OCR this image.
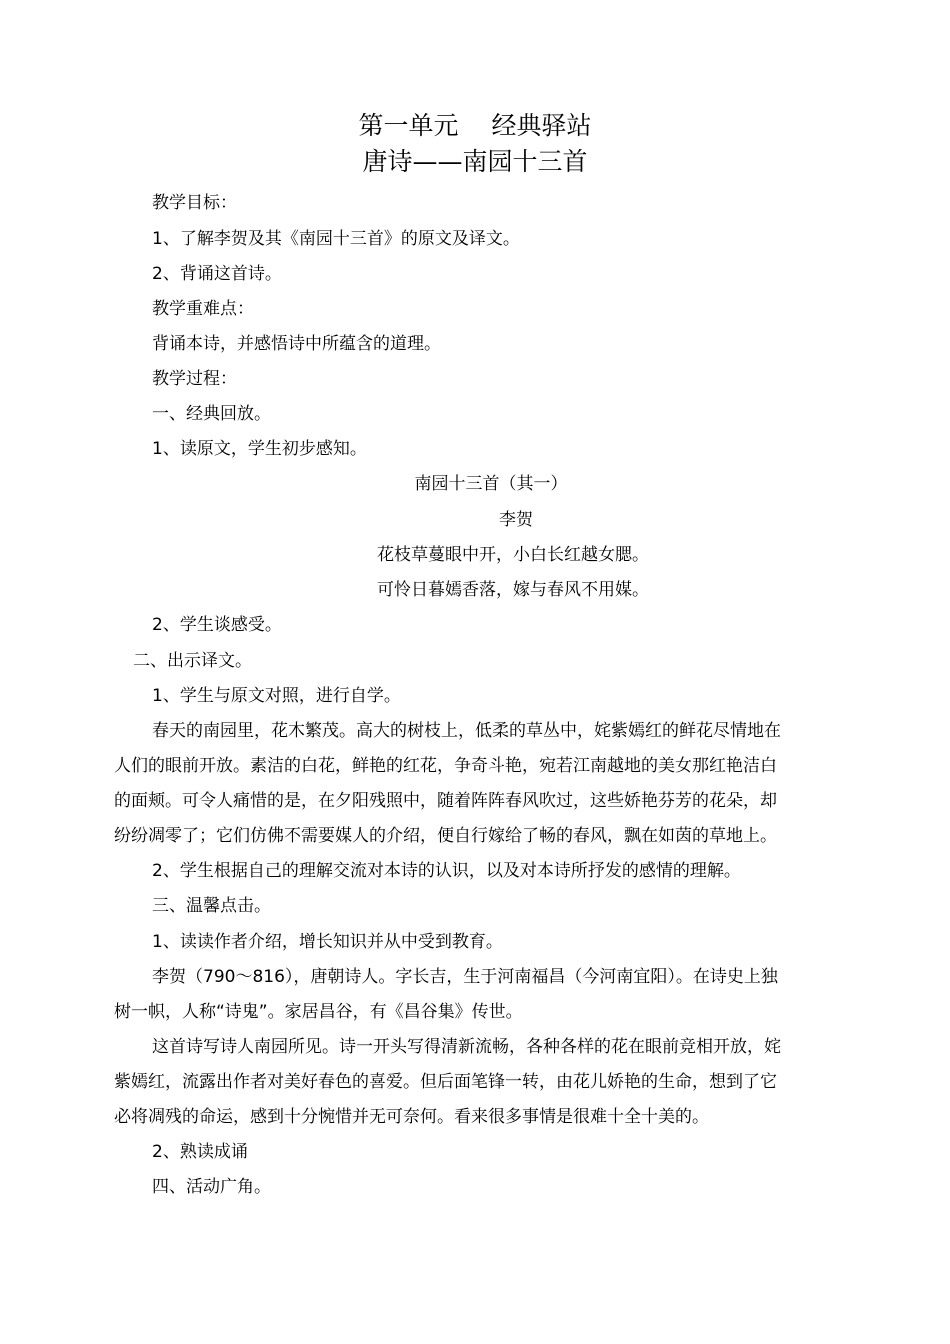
第一单元　 经典驿站
唐诗——南园十三首
教学目标：
1、了解李贺及其《南园十三首》的原文及译文。
2、背诵这首诗。
教学重难点：
背诵本诗，并感悟诗中所蕴含的道理。
教学过程：
一、经典回放。
1、读原文，学生初步感知。
南园十三首（其一）
李贺
花枝草蔓眼中开，小白长红越女腮。
可怜日暮嫣香落，嫁与春风不用媒。
2、学生谈感受。
二、出示译文。
1、学生与原文对照，进行自学。
春天的南园里，花木繁茂。高大的树枝上，低柔的草丛中，姹紫嫣红的鲜花尽情地在
人们的眼前开放。素洁的白花，鲜艳的红花，争奇斗艳，宛若江南越地的美女那红艳洁白
的面颊。可令人痛惜的是，在夕阳残照中，随着阵阵春风吹过，这些娇艳芬芳的花朵，却
纷纷凋零了；它们仿佛不需要媒人的介绍，便自行嫁给了畅的春风，飘在如茵的草地上。
2、学生根据自己的理解交流对本诗的认识，以及对本诗所抒发的感情的理解。
三、温馨点击。
1、读读作者介绍，增长知识并从中受到教育。
李贺（790～816），唐朝诗人。字长吉，生于河南福昌（今河南宜阳）。在诗史上独
树一帜，人称“诗鬼”。家居昌谷，有《昌谷集》传世。
这首诗写诗人南园所见。诗一开头写得清新流畅，各种各样的花在眼前竞相开放，姹
紫嫣红，流露出作者对美好春色的喜爱。但后面笔锋一转，由花儿娇艳的生命，想到了它
必将凋残的命运，感到十分惋惜并无可奈何。看来很多事情是很难十全十美的。
2、熟读成诵
四、活动广角。
